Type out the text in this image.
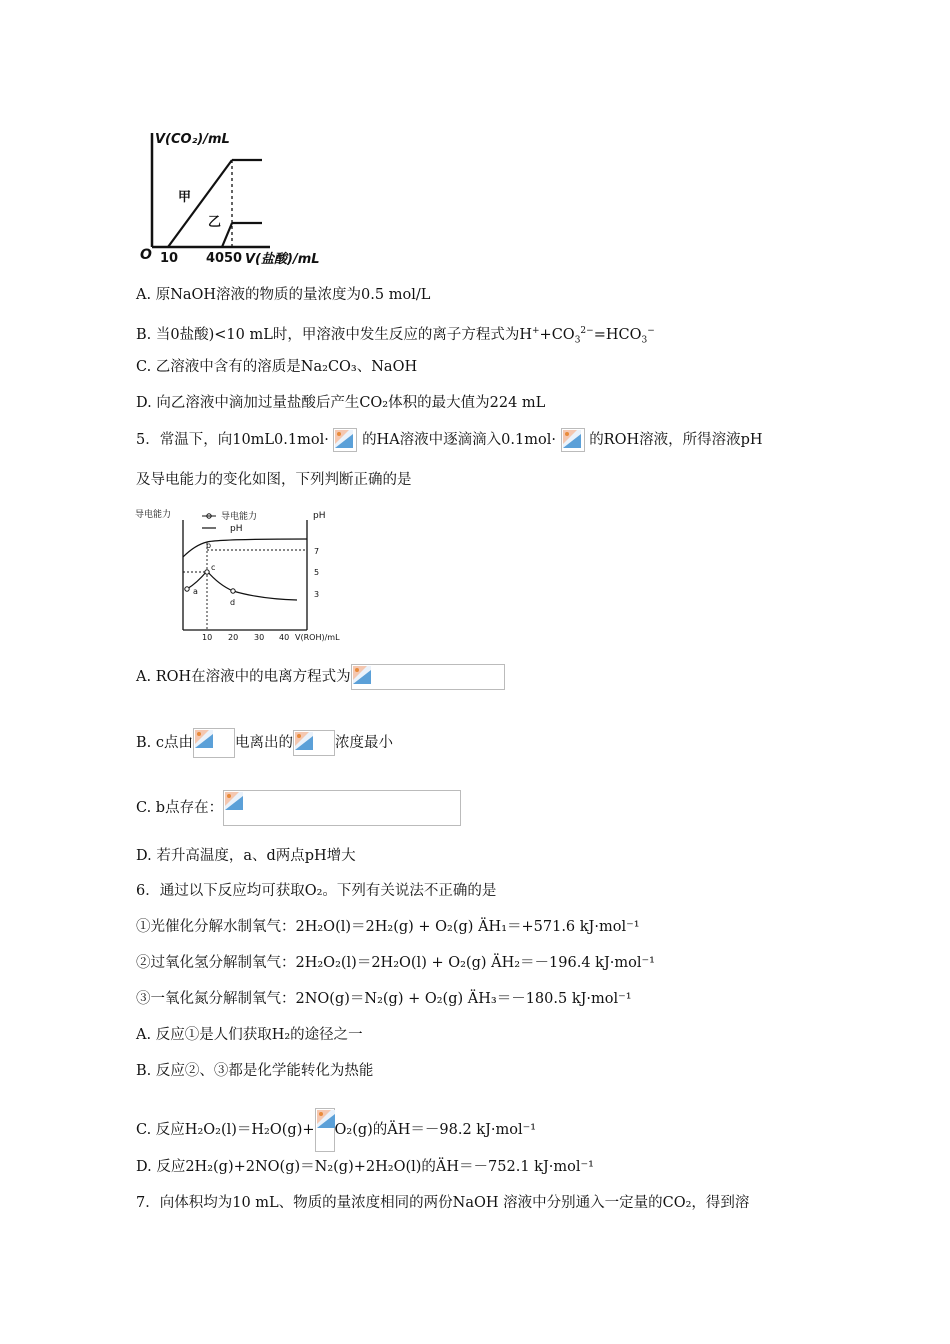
V(CO₂)/mL
甲
乙
O 10 40 50 V(盐酸)/mL
A. 原NaOH溶液的物质的量浓度为0.5 mol/L
B. 当0盐酸)<10 mL时，甲溶液中发生反应的离子方程式为$H^++CO_3^{2-}=HCO_3^-$
C. 乙溶液中含有的溶质是Na₂CO₃、NaOH
D. 向乙溶液中滴加过量盐酸后产生CO₂体积的最大值为224 mL
5．常温下，向10mL0.1mol· 的HA溶液中逐滴滴入0.1mol· 的ROH溶液，所得溶液pH
及导电能力的变化如图，下列判断正确的是
导电能力	pH
导电能力
pH
a
b
c
d
7
5
3
10 20 30 40 V(ROH)/mL
A. ROH在溶液中的电离方程式为
B. c点由	电离出的	浓度最小
C. b点存在：
D. 若升高温度，a、d两点pH增大
6．通过以下反应均可获取O₂。下列有关说法不正确的是
①光催化分解水制氧气：2H₂O(l)＝2H₂(g) + O₂(g) ÄH₁＝+571.6 kJ·mol⁻¹
②过氧化氢分解制氧气：2H₂O₂(l)＝2H₂O(l) + O₂(g) ÄH₂＝－196.4 kJ·mol⁻¹
③一氧化氮分解制氧气：2NO(g)＝N₂(g) + O₂(g) ÄH₃＝－180.5 kJ·mol⁻¹
A. 反应①是人们获取H₂的途径之一
B. 反应②、③都是化学能转化为热能
C. 反应H₂O₂(l)＝H₂O(g)+ O₂(g)的ÄH＝－98.2 kJ·mol⁻¹
D. 反应2H₂(g)+2NO(g)＝N₂(g)+2H₂O(l)的ÄH＝－752.1 kJ·mol⁻¹
7．向体积均为10 mL、物质的量浓度相同的两份NaOH 溶液中分别通入一定量的CO₂，得到溶
